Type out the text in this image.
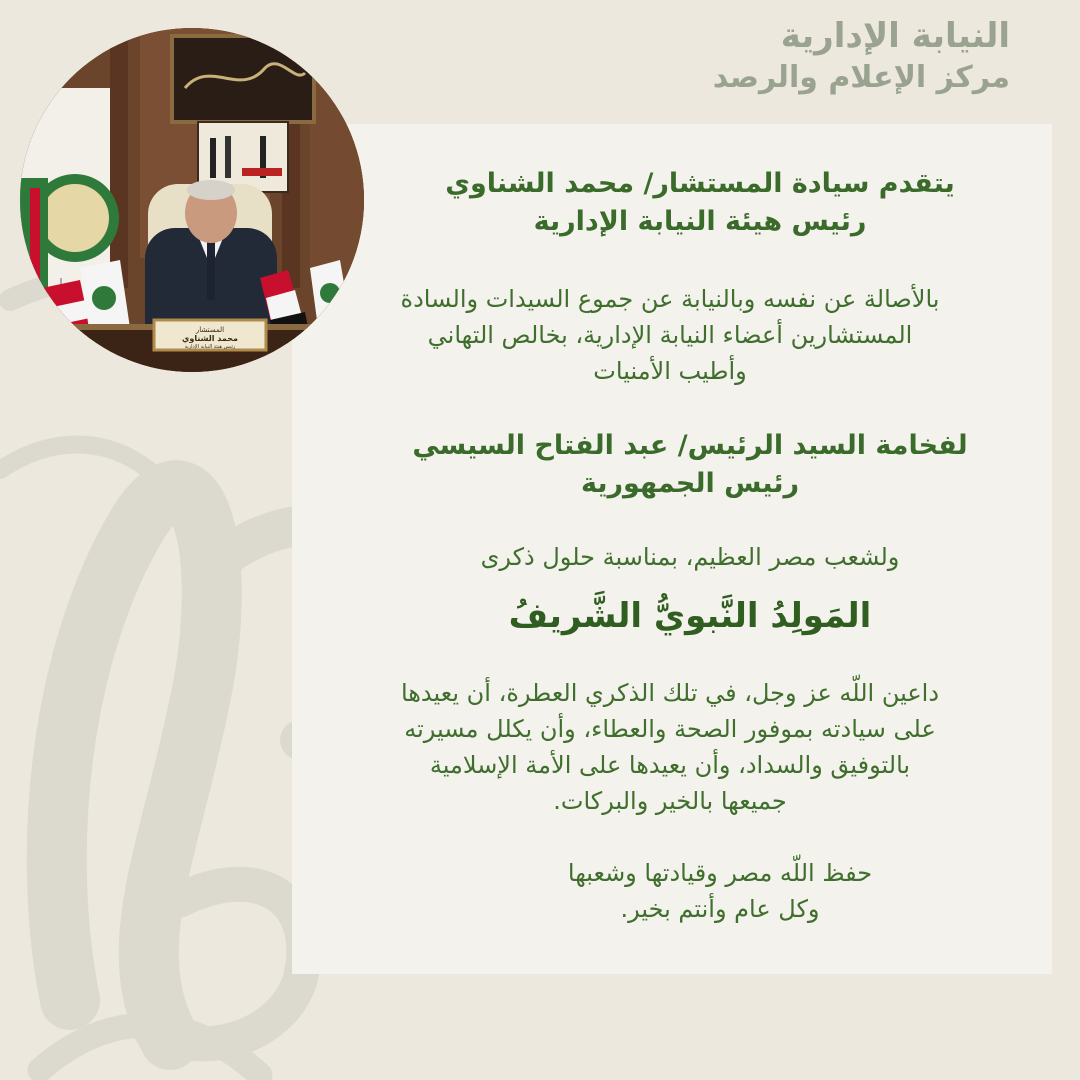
النيابة الإدارية
مركز الإعلام والرصد
المستشار
محمد الشناوي
رئيس هيئة النيابة الإدارية
يتقدم سيادة المستشار/ محمد الشناوي
رئيس هيئة النيابة الإدارية
بالأصالة عن نفسه وبالنيابة عن جموع السيدات والسادة
المستشارين أعضاء النيابة الإدارية، بخالص التهاني
وأطيب الأمنيات
لفخامة السيد الرئيس/ عبد الفتاح السيسي
رئيس الجمهورية
ولشعب مصر العظيم، بمناسبة حلول ذكرى
المَولِدُ النَّبويُّ الشَّريفُ
داعين اللّه عز وجل، في تلك الذكري العطرة، أن يعيدها
على سيادته بموفور الصحة والعطاء، وأن يكلل مسيرته
بالتوفيق والسداد، وأن يعيدها على الأمة الإسلامية
جميعها بالخير والبركات.
حفظ اللّه مصر وقيادتها وشعبها
وكل عام وأنتم بخير.
